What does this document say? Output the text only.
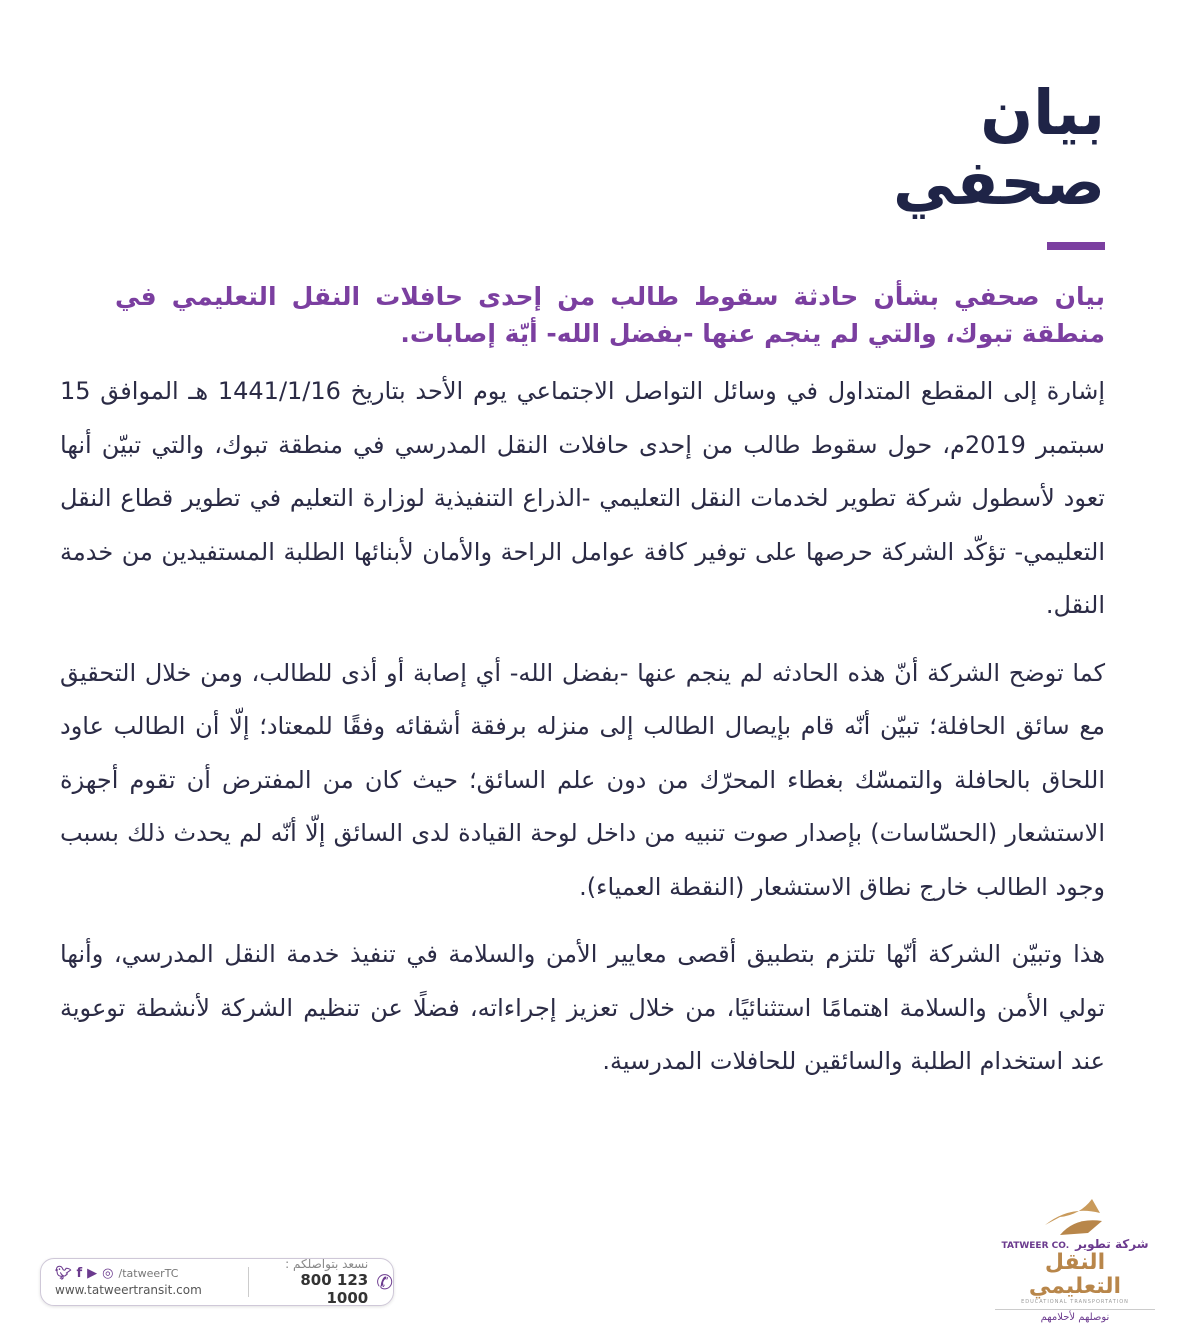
بيان
صحفي

بيان صحفي بشأن حادثة سقوط طالب من إحدى حافلات النقل التعليمي في منطقة تبوك، والتي لم ينجم عنها -بفضل الله- أيّة إصابات.

إشارة إلى المقطع المتداول في وسائل التواصل الاجتماعي يوم الأحد بتاريخ 1441/1/16 هـ الموافق 15 سبتمبر 2019م، حول سقوط طالب من إحدى حافلات النقل المدرسي في منطقة تبوك، والتي تبيّن أنها تعود لأسطول شركة تطوير لخدمات النقل التعليمي -الذراع التنفيذية لوزارة التعليم في تطوير قطاع النقل التعليمي- تؤكّد الشركة حرصها على توفير كافة عوامل الراحة والأمان لأبنائها الطلبة المستفيدين من خدمة النقل.

كما توضح الشركة أنّ هذه الحادثه لم ينجم عنها -بفضل الله- أي إصابة أو أذى للطالب، ومن خلال التحقيق مع سائق الحافلة؛ تبيّن أنّه قام بإيصال الطالب إلى منزله برفقة أشقائه وفقًا للمعتاد؛ إلّا أن الطالب عاود اللحاق بالحافلة والتمسّك بغطاء المحرّك من دون علم السائق؛ حيث كان من المفترض أن تقوم أجهزة الاستشعار (الحسّاسات) بإصدار صوت تنبيه من داخل لوحة القيادة لدى السائق إلّا أنّه لم يحدث ذلك بسبب وجود الطالب خارج نطاق الاستشعار (النقطة العمياء).

هذا وتبيّن الشركة أنّها تلتزم بتطبيق أقصى معايير الأمن والسلامة في تنفيذ خدمة النقل المدرسي، وأنها تولي الأمن والسلامة اهتمامًا استثنائيًا، من خلال تعزيز إجراءاته، فضلًا عن تنظيم الشركة لأنشطة توعوية عند استخدام الطلبة والسائقين للحافلات المدرسية.

🐦︎ f ▶ ◎ /tatweerTC
www.tatweertransit.com
نسعد بتواصلكم :
800 123 1000
✆
شركة تطوير
TATWEER CO.
النقل التعليمي
EDUCATIONAL TRANSPORTATION
نوصلهم لأحلامهم
